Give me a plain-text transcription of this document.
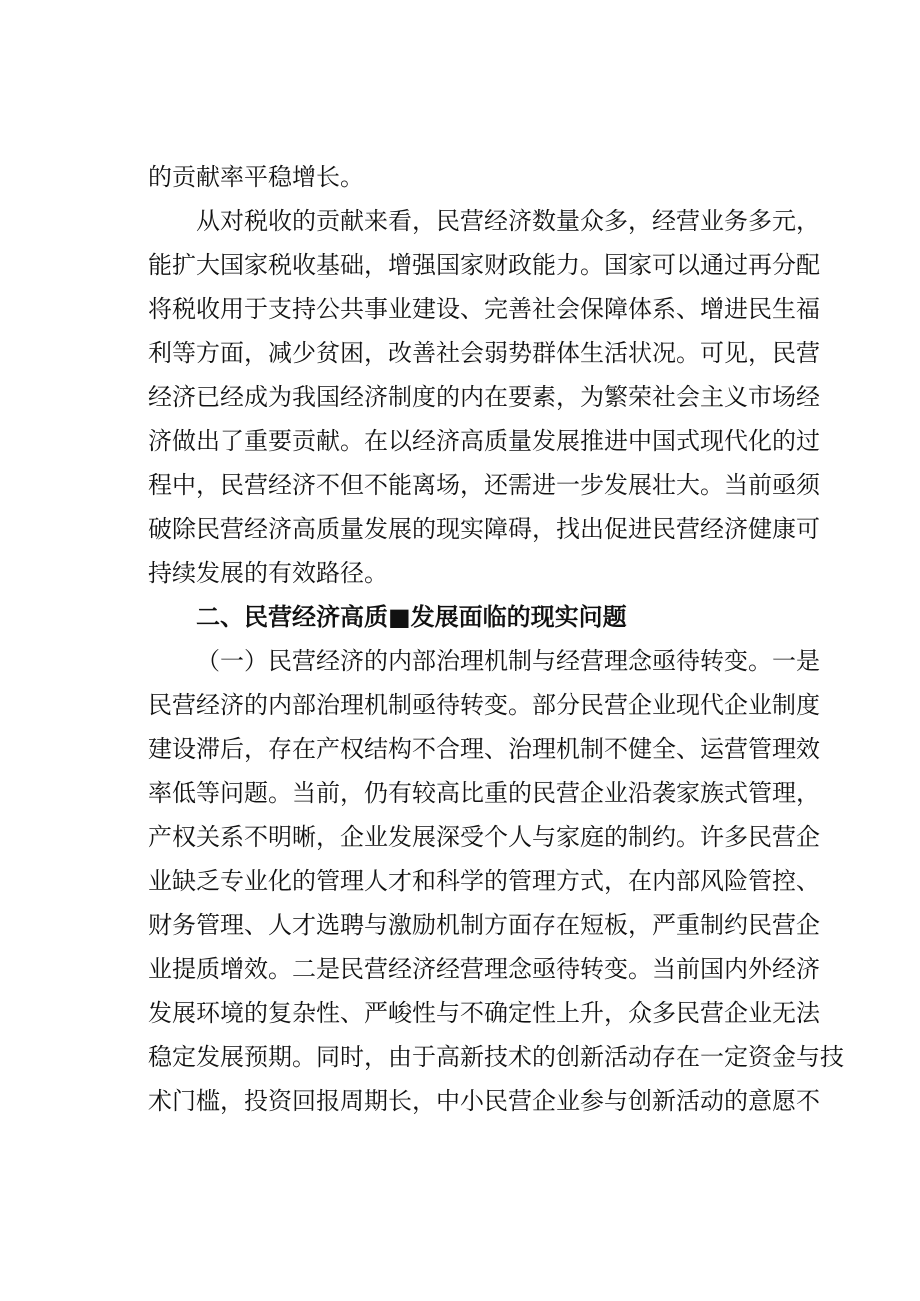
的贡献率平稳增长。

从对税收的贡献来看，民营经济数量众多，经营业务多元，

能扩大国家税收基础，增强国家财政能力。国家可以通过再分配

将税收用于支持公共事业建设、完善社会保障体系、增进民生福

利等方面，减少贫困，改善社会弱势群体生活状况。可见，民营

经济已经成为我国经济制度的内在要素，为繁荣社会主义市场经

济做出了重要贡献。在以经济高质量发展推进中国式现代化的过

程中，民营经济不但不能离场，还需进一步发展壮大。当前亟须

破除民营经济高质量发展的现实障碍，找出促进民营经济健康可

持续发展的有效路径。

二、民营经济高质■发展面临的现实问题

（一）民营经济的内部治理机制与经营理念亟待转变。一是

民营经济的内部治理机制亟待转变。部分民营企业现代企业制度

建设滞后，存在产权结构不合理、治理机制不健全、运营管理效

率低等问题。当前，仍有较高比重的民营企业沿袭家族式管理，

产权关系不明晰，企业发展深受个人与家庭的制约。许多民营企

业缺乏专业化的管理人才和科学的管理方式，在内部风险管控、

财务管理、人才选聘与激励机制方面存在短板，严重制约民营企

业提质增效。二是民营经济经营理念亟待转变。当前国内外经济

发展环境的复杂性、严峻性与不确定性上升，众多民营企业无法

稳定发展预期。同时，由于高新技术的创新活动存在一定资金与技

术门槛，投资回报周期长，中小民营企业参与创新活动的意愿不
